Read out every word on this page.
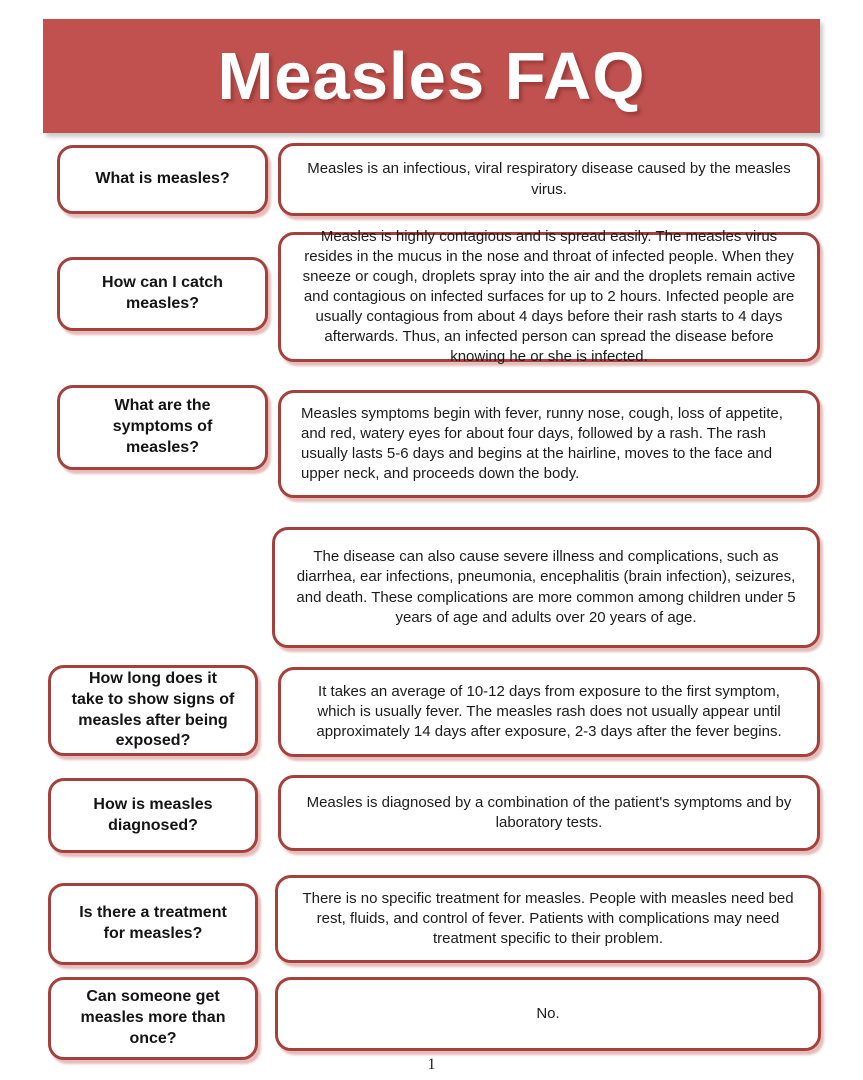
Measles FAQ
What is measles?
Measles is an infectious, viral respiratory disease caused by the measles virus.
How can I catch measles?
Measles is highly contagious and is spread easily. The measles virus resides in the mucus in the nose and throat of infected people. When they sneeze or cough, droplets spray into the air and the droplets remain active and contagious on infected surfaces for up to 2 hours. Infected people are usually contagious from about 4 days before their rash starts to 4 days afterwards. Thus, an infected person can spread the disease before knowing he or she is infected.
What are the symptoms of measles?
Measles symptoms begin with fever, runny nose, cough, loss of appetite, and red, watery eyes for about four days, followed by a rash. The rash usually lasts 5-6 days and begins at the hairline, moves to the face and upper neck, and proceeds down the body.
The disease can also cause severe illness and complications, such as diarrhea, ear infections, pneumonia, encephalitis (brain infection), seizures, and death. These complications are more common among children under 5 years of age and adults over 20 years of age.
How long does it take to show signs of measles after being exposed?
It takes an average of 10-12 days from exposure to the first symptom, which is usually fever. The measles rash does not usually appear until approximately 14 days after exposure, 2-3 days after the fever begins.
How is measles diagnosed?
Measles is diagnosed by a combination of the patient's symptoms and by laboratory tests.
Is there a treatment for measles?
There is no specific treatment for measles. People with measles need bed rest, fluids, and control of fever. Patients with complications may need treatment specific to their problem.
Can someone get measles more than once?
No.
1
